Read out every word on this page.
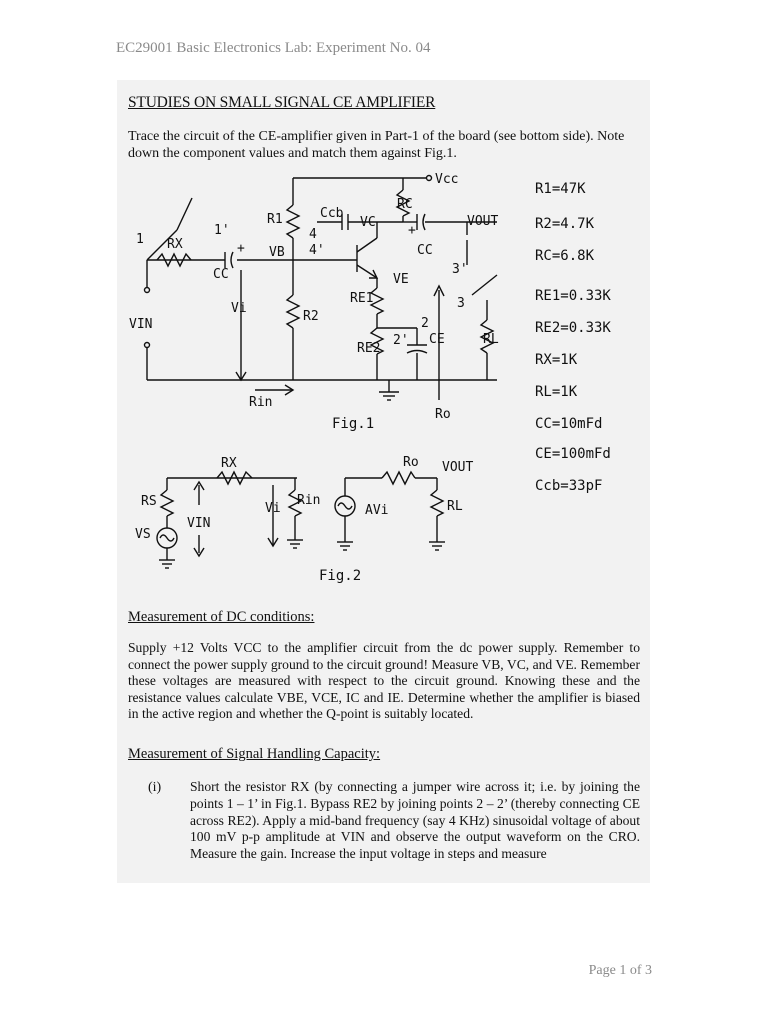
EC29001 Basic Electronics Lab: Experiment No. 04
STUDIES ON SMALL SIGNAL CE AMPLIFIER

Trace the circuit of the CE-amplifier given in Part-1 of the board (see bottom side). Note down the component values and match them against Fig.1.

Vcc
R1	Ccb
RC
VC	VOUT
CC
1 RX
1'
+
CC
VB
4
4'
+
VE
3'
3
Vi
VIN
R2
RE1
2
2' CE
RE2
RL
Rin
Ro
Fig.1
RX
RS
VIN
VS
Vi
Rin
AVi
Ro VOUT
RL
Fig.2
R1=47K
R2=4.7K
RC=6.8K
RE1=0.33K
RE2=0.33K
RX=1K
RL=1K
CC=10mFd
CE=100mFd
Ccb=33pF
Measurement of DC conditions:

Supply +12 Volts VCC to the amplifier circuit from the dc power supply. Remember to connect the power supply ground to the circuit ground! Measure VB, VC, and VE. Remember these voltages are measured with respect to the circuit ground. Knowing these and the resistance values calculate VBE, VCE, IC and IE. Determine whether the amplifier is biased in the active region and whether the Q-point is suitably located.

Measurement of Signal Handling Capacity:
(i) Short the resistor RX (by connecting a jumper wire across it; i.e. by joining the points 1 – 1’ in Fig.1. Bypass RE2 by joining points 2 – 2’ (thereby connecting CE across RE2). Apply a mid-band frequency (say 4 KHz) sinusoidal voltage of about 100 mV p-p amplitude at VIN and observe the output waveform on the CRO. Measure the gain. Increase the input voltage in steps and measure

Page 1 of 3
